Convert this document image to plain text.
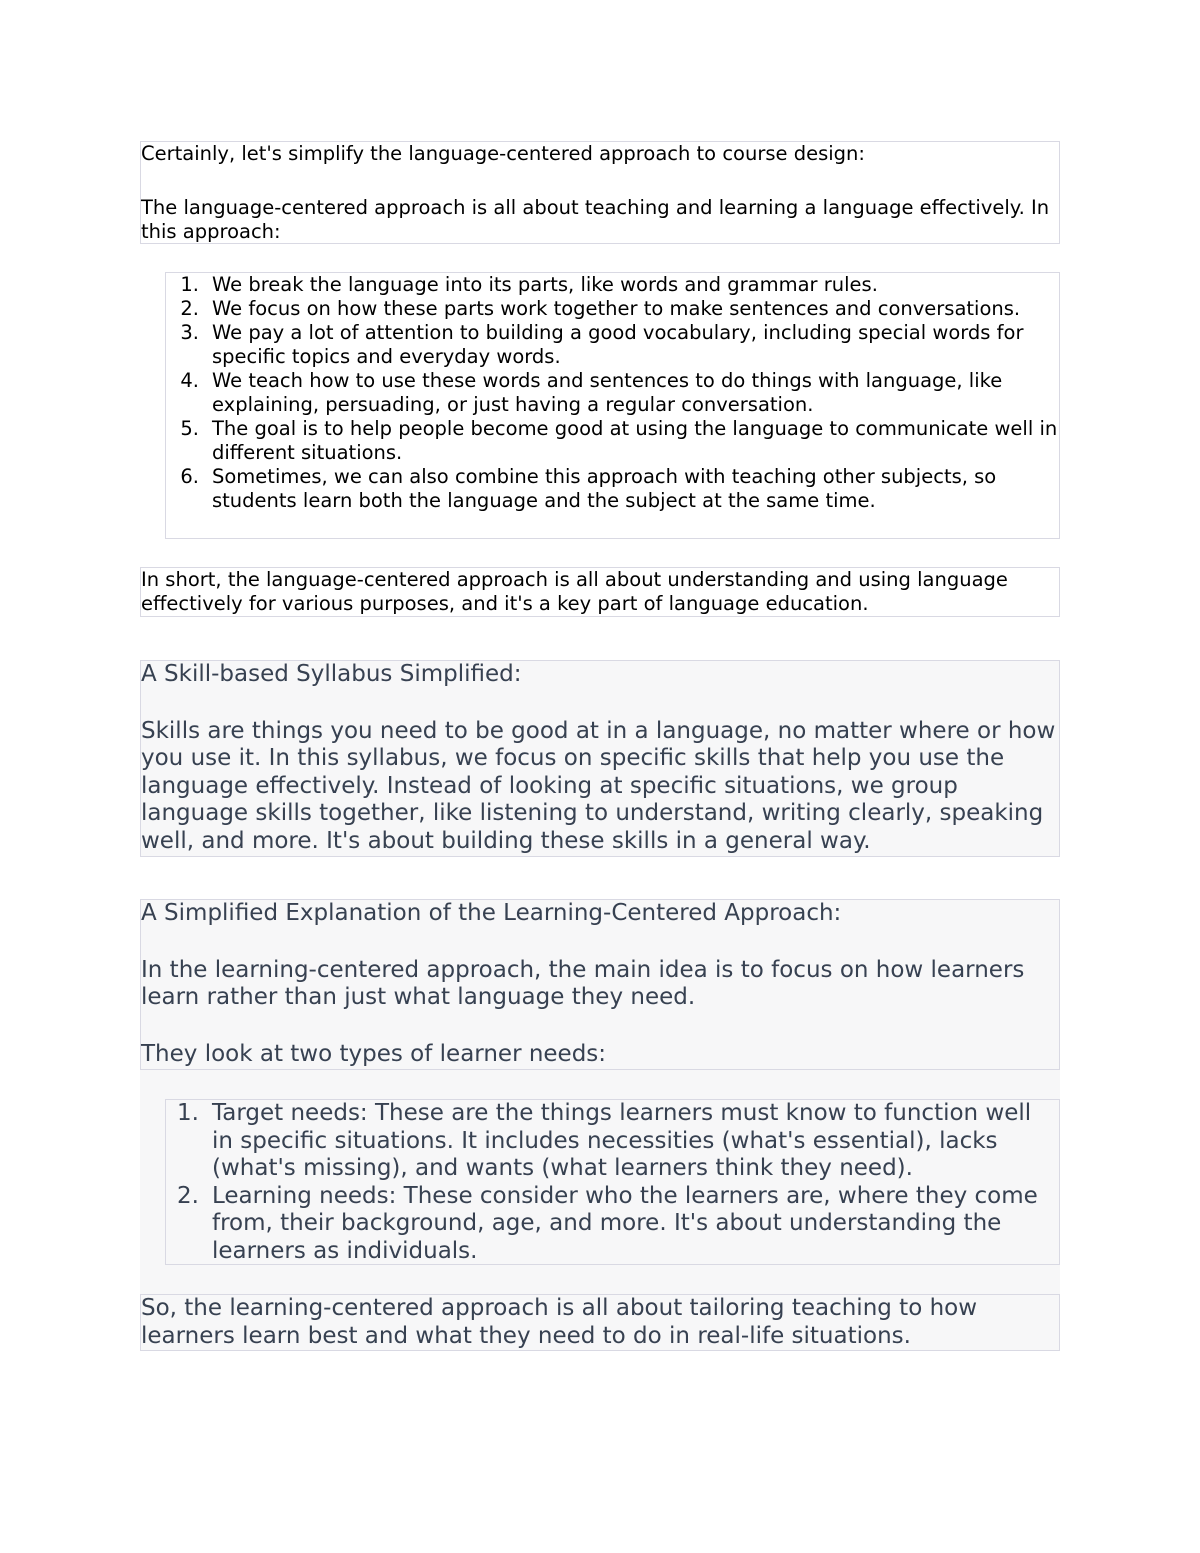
Certainly, let's simplify the language-centered approach to course design:

The language-centered approach is all about teaching and learning a language effectively. In this approach:

1. We break the language into its parts, like words and grammar rules.
2. We focus on how these parts work together to make sentences and conversations.
3. We pay a lot of attention to building a good vocabulary, including special words for specific topics and everyday words.
4. We teach how to use these words and sentences to do things with language, like explaining, persuading, or just having a regular conversation.
5. The goal is to help people become good at using the language to communicate well in different situations.
6. Sometimes, we can also combine this approach with teaching other subjects, so students learn both the language and the subject at the same time.

In short, the language-centered approach is all about understanding and using language effectively for various purposes, and it's a key part of language education.

A Skill-based Syllabus Simplified:

Skills are things you need to be good at in a language, no matter where or how you use it. In this syllabus, we focus on specific skills that help you use the language effectively. Instead of looking at specific situations, we group language skills together, like listening to understand, writing clearly, speaking well, and more. It's about building these skills in a general way.

A Simplified Explanation of the Learning-Centered Approach:

In the learning-centered approach, the main idea is to focus on how learners learn rather than just what language they need.

They look at two types of learner needs:

1. Target needs: These are the things learners must know to function well in specific situations. It includes necessities (what's essential), lacks (what's missing), and wants (what learners think they need).
2. Learning needs: These consider who the learners are, where they come from, their background, age, and more. It's about understanding the learners as individuals.

So, the learning-centered approach is all about tailoring teaching to how learners learn best and what they need to do in real-life situations.
